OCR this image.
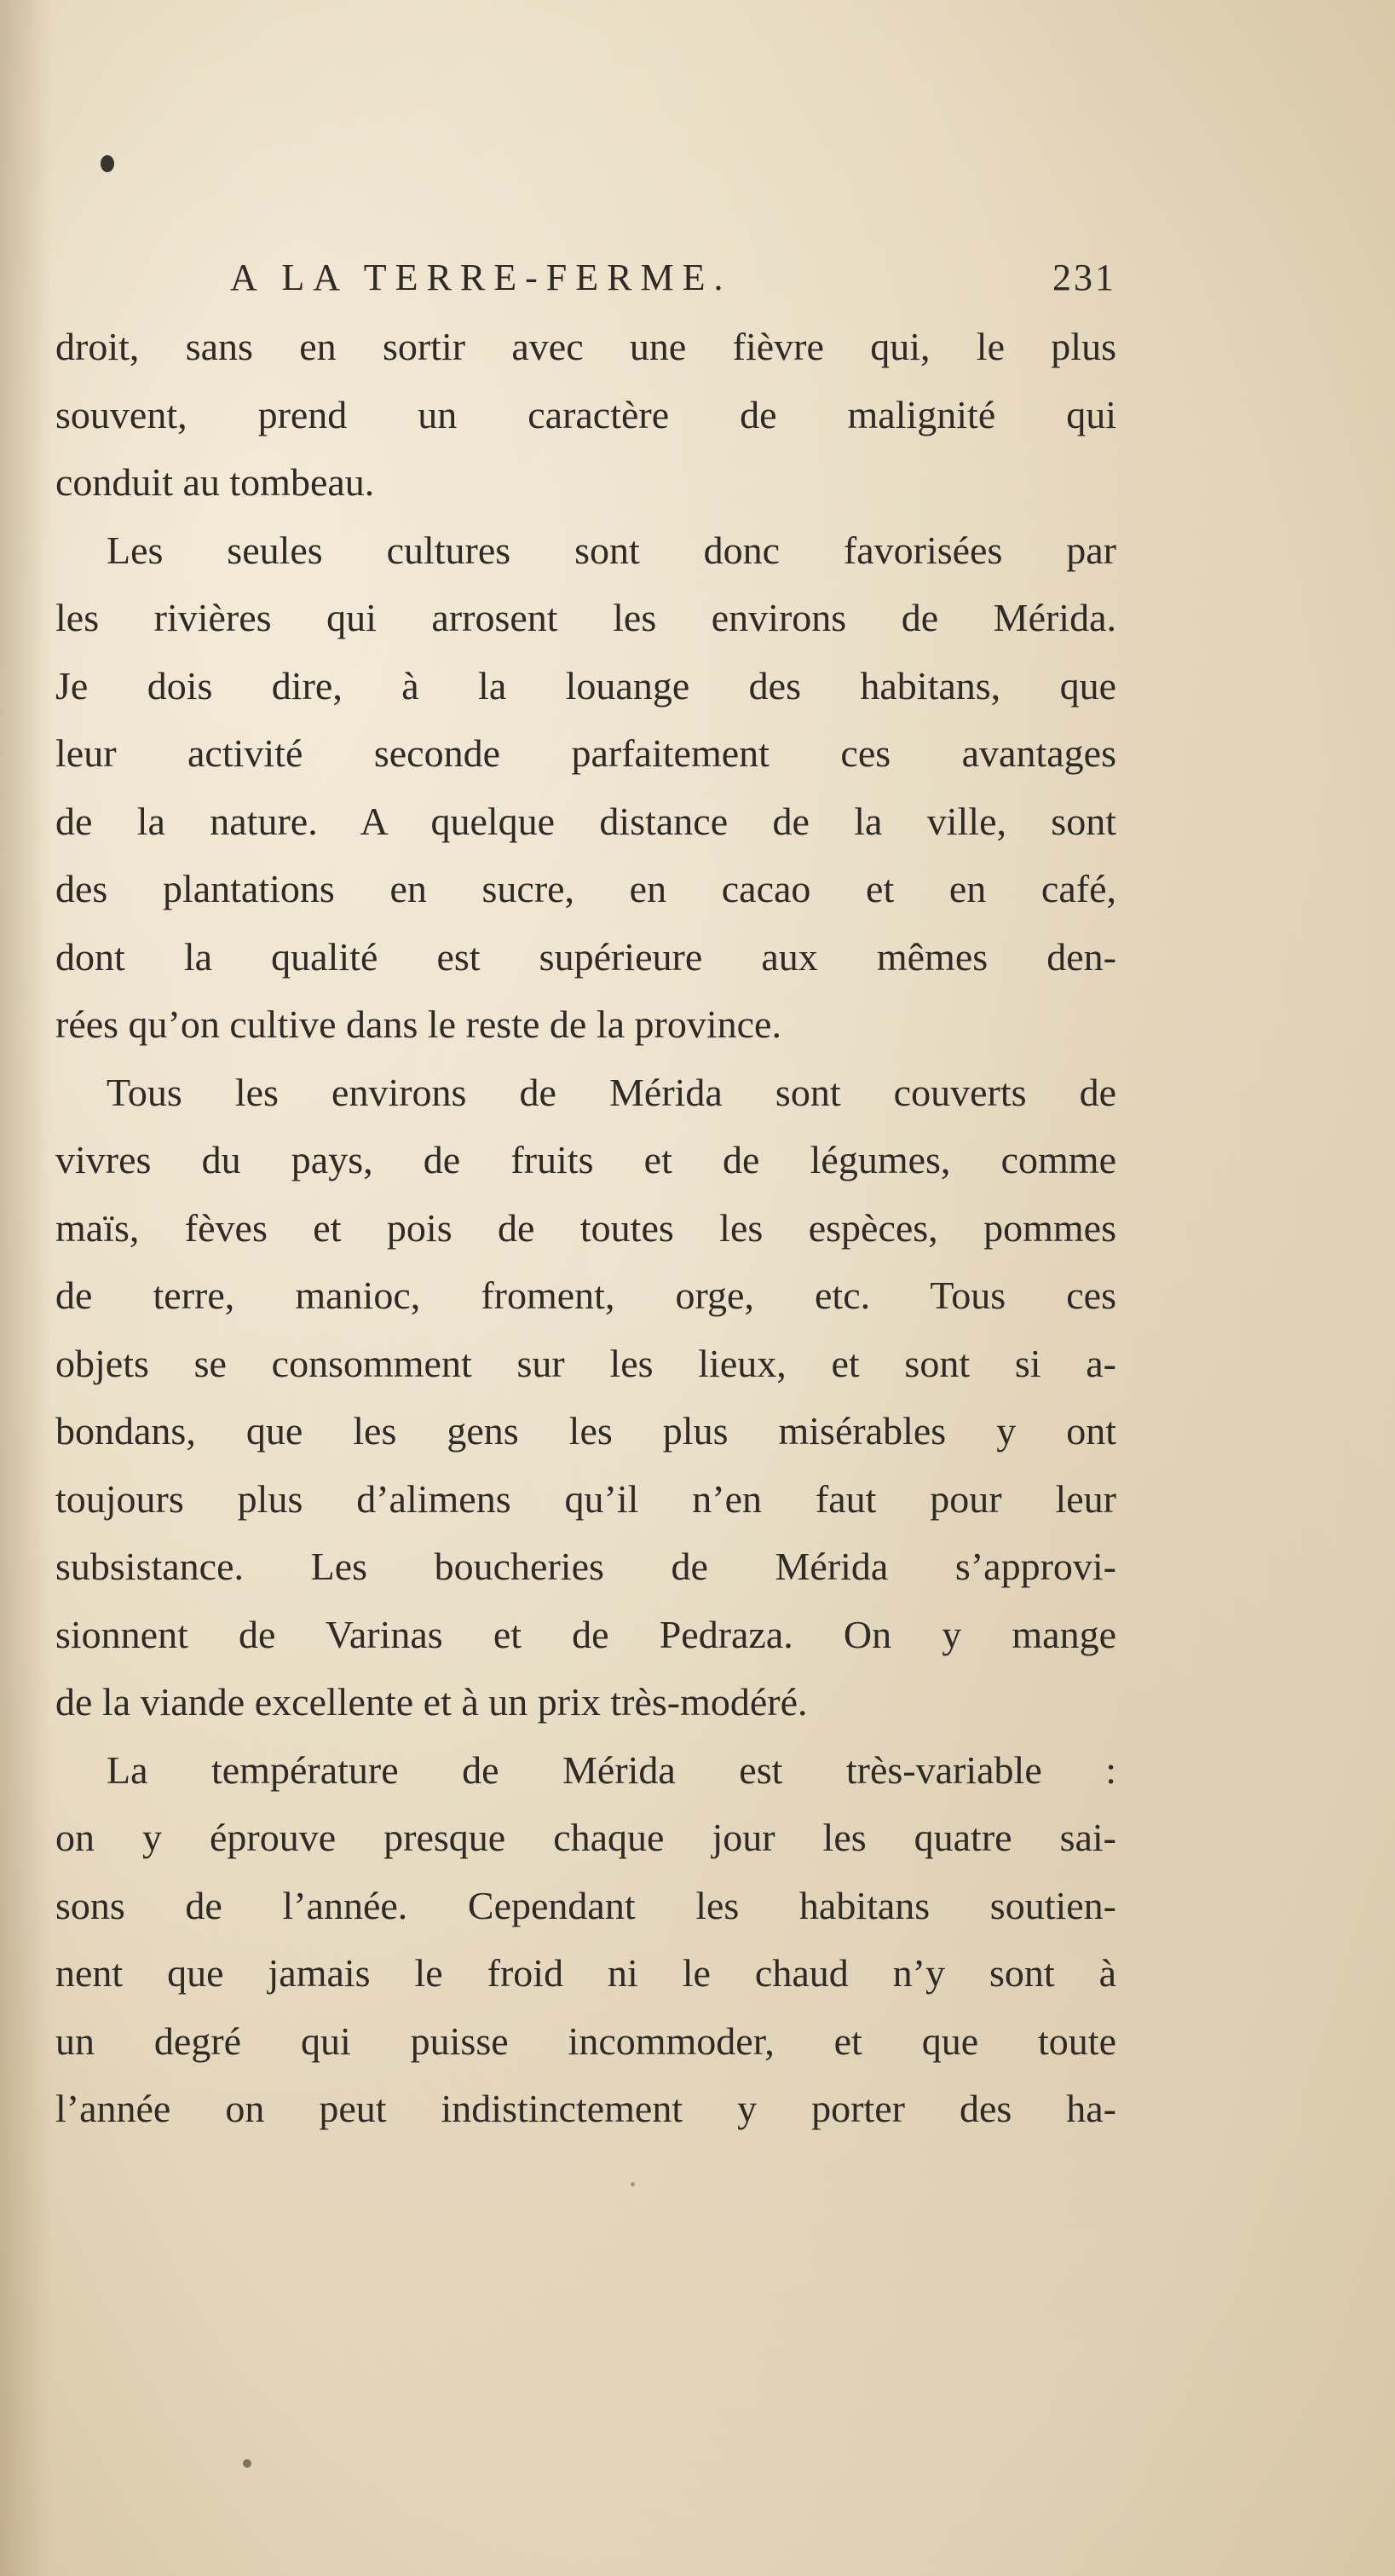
A LA TERRE-FERME.	231
droit, sans en sortir avec une fièvre qui, le plus
souvent, prend un caractère de malignité qui
conduit au tombeau.
Les seules cultures sont donc favorisées par
les rivières qui arrosent les environs de Mérida.
Je dois dire, à la louange des habitans, que
leur activité seconde parfaitement ces avantages
de la nature. A quelque distance de la ville, sont
des plantations en sucre, en cacao et en café,
dont la qualité est supérieure aux mêmes den-
rées qu’on cultive dans le reste de la province.
Tous les environs de Mérida sont couverts de
vivres du pays, de fruits et de légumes, comme
maïs, fèves et pois de toutes les espèces, pommes
de terre, manioc, froment, orge, etc. Tous ces
objets se consomment sur les lieux, et sont si a-
bondans, que les gens les plus misérables y ont
toujours plus d’alimens qu’il n’en faut pour leur
subsistance. Les boucheries de Mérida s’approvi-
sionnent de Varinas et de Pedraza. On y mange
de la viande excellente et à un prix très-modéré.
La température de Mérida est très-variable :
on y éprouve presque chaque jour les quatre sai-
sons de l’année. Cependant les habitans soutien-
nent que jamais le froid ni le chaud n’y sont à
un degré qui puisse incommoder, et que toute
l’année on peut indistinctement y porter des ha-
